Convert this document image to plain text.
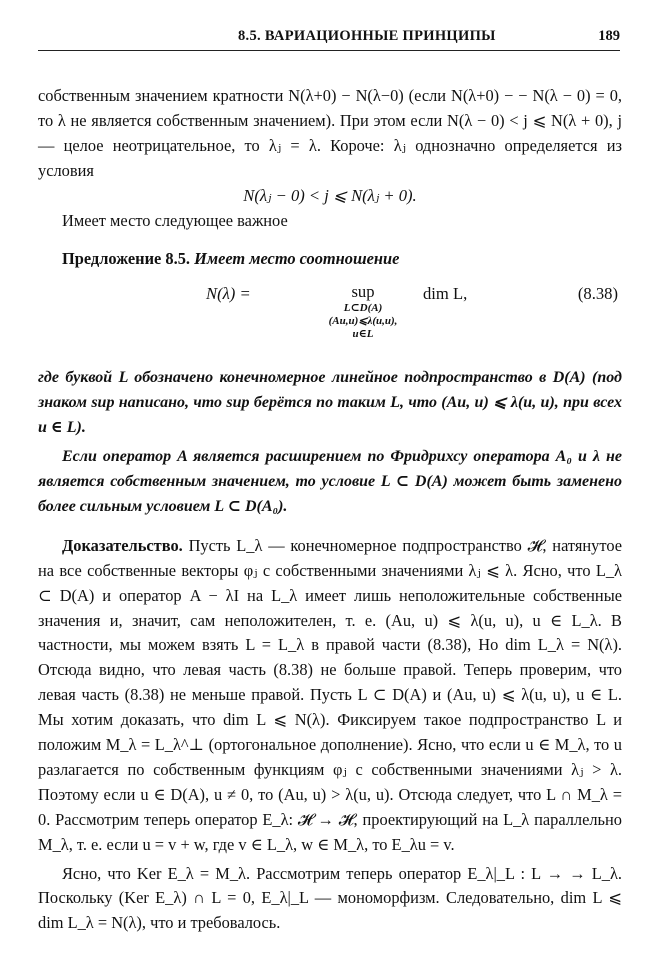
8.5. ВАРИАЦИОННЫЕ ПРИНЦИПЫ	189

собственным значением кратности N(λ+0) − N(λ−0) (если N(λ+0) − − N(λ − 0) = 0, то λ не является собственным значением). При этом если N(λ − 0) < j ⩽ N(λ + 0), j — целое неотрицательное, то λⱼ = λ. Короче: λⱼ однозначно определяется из условия

N(λⱼ − 0) < j ⩽ N(λⱼ + 0).

Имеет место следующее важное

Предложение 8.5. Имеет место соотношение

N(λ) =	sup
L⊂D(A)
(Au,u)⩽λ(u,u),
u∈L
dim L,	(8.38)

где буквой L обозначено конечномерное линейное подпространство в D(A) (под знаком sup написано, что sup берётся по таким L, что (Au, u) ⩽ λ(u, u), при всех u ∈ L).

Если оператор A является расширением по Фридрихсу оператора A₀ и λ не является собственным значением, то условие L ⊂ D(A) может быть заменено более сильным условием L ⊂ D(A₀).

Доказательство. Пусть L_λ — конечномерное подпространство 𝓗, натянутое на все собственные векторы φⱼ с собственными значениями λⱼ ⩽ λ. Ясно, что L_λ ⊂ D(A) и оператор A − λI на L_λ имеет лишь неположительные собственные значения и, значит, сам неположителен, т. е. (Au, u) ⩽ λ(u, u), u ∈ L_λ. В частности, мы можем взять L = L_λ в правой части (8.38), Но dim L_λ = N(λ). Отсюда видно, что левая часть (8.38) не больше правой. Теперь проверим, что левая часть (8.38) не меньше правой. Пусть L ⊂ D(A) и (Au, u) ⩽ λ(u, u), u ∈ L. Мы хотим доказать, что dim L ⩽ N(λ). Фиксируем такое подпространство L и положим M_λ = L_λ^⊥ (ортогональное дополнение). Ясно, что если u ∈ M_λ, то u разлагается по собственным функциям φⱼ с собственными значениями λⱼ > λ. Поэтому если u ∈ D(A), u ≠ 0, то (Au, u) > λ(u, u). Отсюда следует, что L ∩ M_λ = 0. Рассмотрим теперь оператор E_λ: 𝓗 → 𝓗, проектирующий на L_λ параллельно M_λ, т. е. если u = v + w, где v ∈ L_λ, w ∈ M_λ, то E_λu = v.

Ясно, что Ker E_λ = M_λ. Рассмотрим теперь оператор E_λ|_L : L → → L_λ. Поскольку (Ker E_λ) ∩ L = 0, E_λ|_L — мономорфизм. Следовательно, dim L ⩽ dim L_λ = N(λ), что и требовалось.
